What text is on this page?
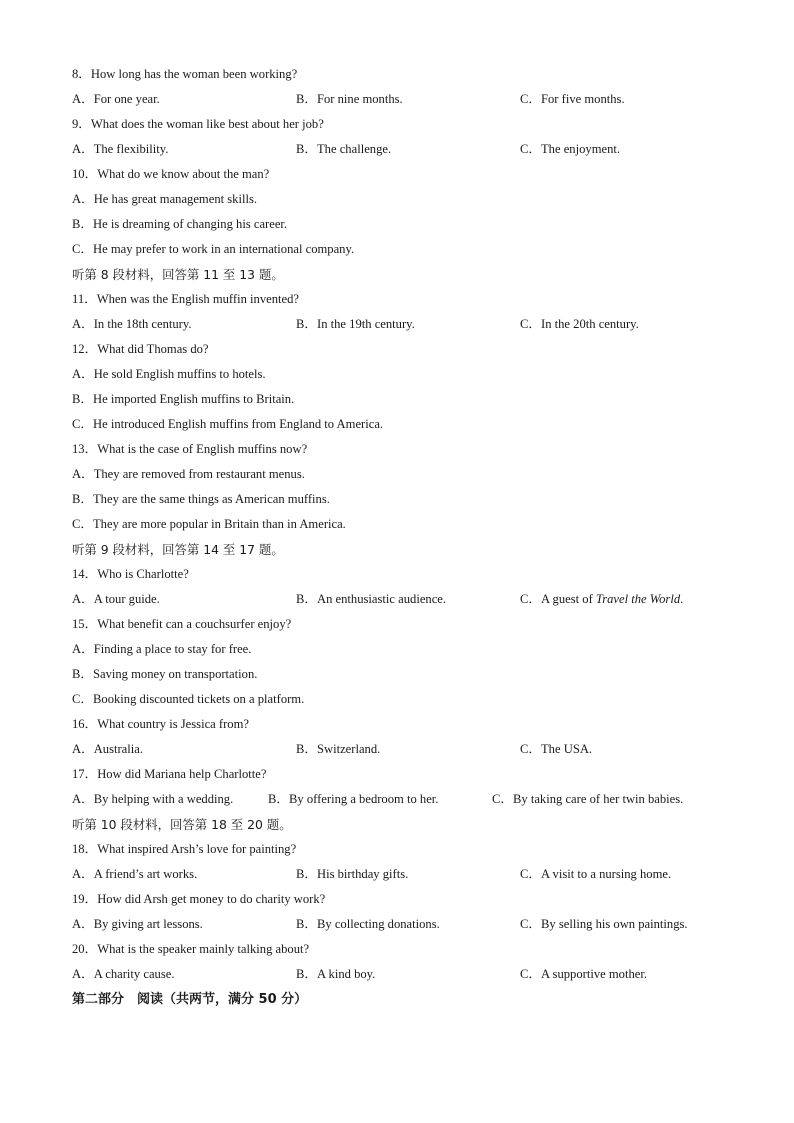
8．How long has the woman been working?
A．For one year.	B．For nine months.	C．For five months.
9．What does the woman like best about her job?
A．The flexibility.	B．The challenge.	C．The enjoyment.
10．What do we know about the man?
A．He has great management skills.
B．He is dreaming of changing his career.
C．He may prefer to work in an international company.
听第 8 段材料，回答第 11 至 13 题。
11．When was the English muffin invented?
A．In the 18th century.	B．In the 19th century.	C．In the 20th century.
12．What did Thomas do?
A．He sold English muffins to hotels.
B．He imported English muffins to Britain.
C．He introduced English muffins from England to America.
13．What is the case of English muffins now?
A．They are removed from restaurant menus.
B．They are the same things as American muffins.
C．They are more popular in Britain than in America.
听第 9 段材料，回答第 14 至 17 题。
14．Who is Charlotte?
A．A tour guide.	B．An enthusiastic audience.	C．A guest of Travel the World.
15．What benefit can a couchsurfer enjoy?
A．Finding a place to stay for free.
B．Saving money on transportation.
C．Booking discounted tickets on a platform.
16．What country is Jessica from?
A．Australia.	B．Switzerland.	C．The USA.
17．How did Mariana help Charlotte?
A．By helping with a wedding.	B．By offering a bedroom to her.	C．By taking care of her twin babies.
听第 10 段材料，回答第 18 至 20 题。
18．What inspired Arsh’s love for painting?
A．A friend’s art works.	B．His birthday gifts.	C．A visit to a nursing home.
19．How did Arsh get money to do charity work?
A．By giving art lessons.	B．By collecting donations.	C．By selling his own paintings.
20．What is the speaker mainly talking about?
A．A charity cause.	B．A kind boy.	C．A supportive mother.
第二部分　阅读（共两节，满分 50 分）
